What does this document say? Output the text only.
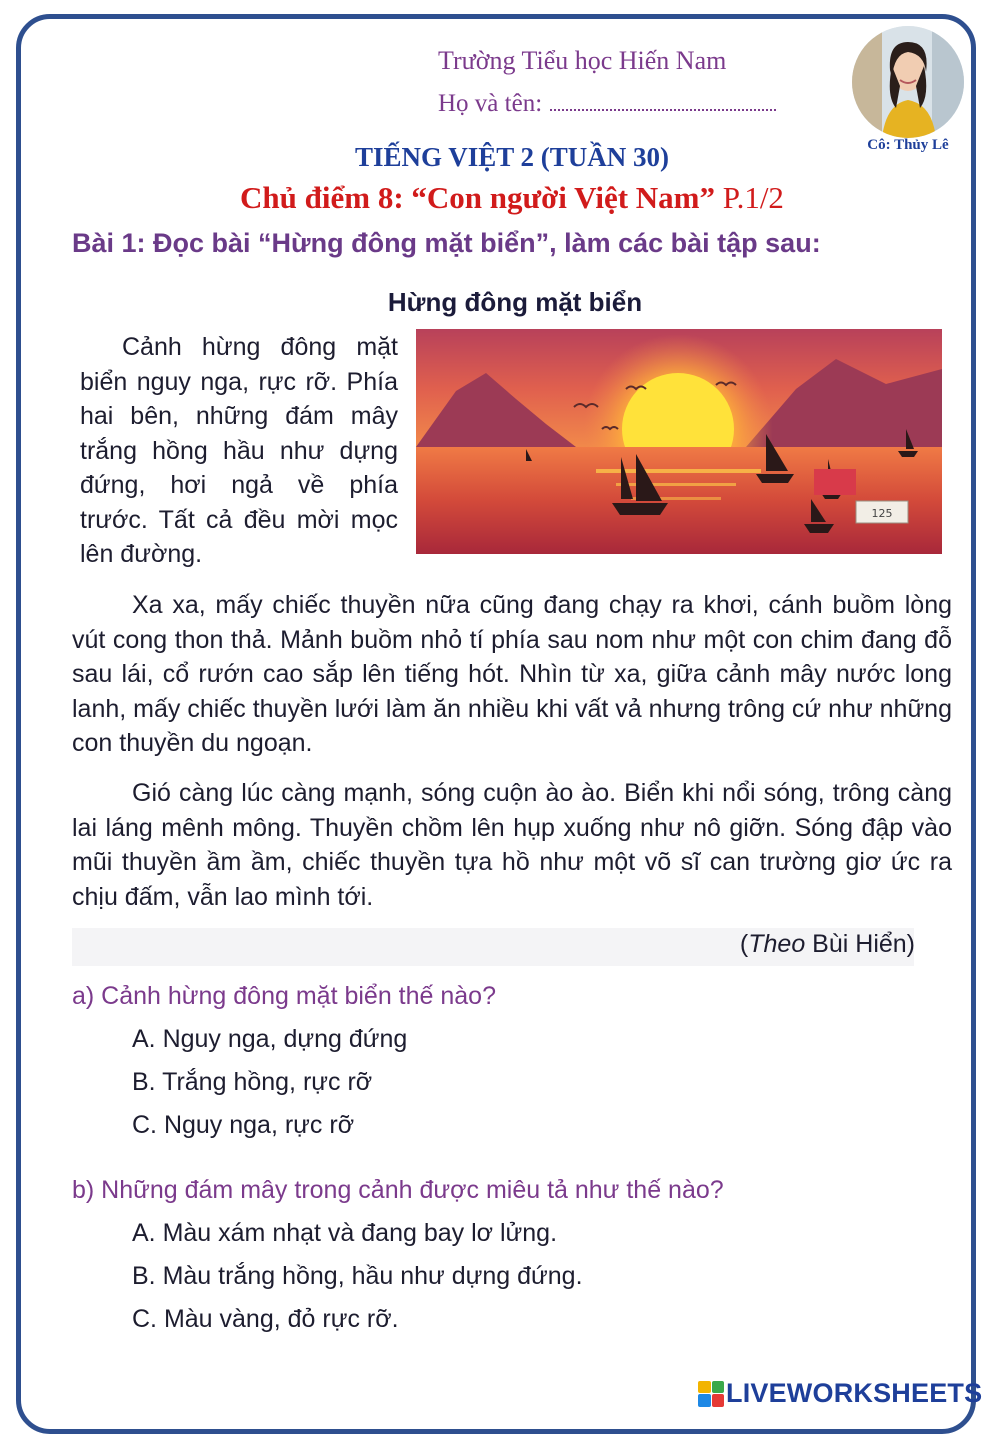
Trường Tiểu học Hiến Nam
Họ và tên:
Cô: Thủy Lê
TIẾNG VIỆT 2 (TUẦN 30)
Chủ điểm 8: “Con người Việt Nam” P.1/2
Bài 1: Đọc bài “Hừng đông mặt biển”, làm các bài tập sau:
Hừng đông mặt biển
Cảnh hừng đông mặt biển nguy nga, rực rỡ. Phía hai bên, những đám mây trắng hồng hầu như dựng đứng, hơi ngả về phía trước. Tất cả đều mời mọc lên đường.
125
Xa xa, mấy chiếc thuyền nữa cũng đang chạy ra khơi, cánh buồm lòng vút cong thon thả. Mảnh buồm nhỏ tí phía sau nom như một con chim đang đỗ sau lái, cổ rướn cao sắp lên tiếng hót. Nhìn từ xa, giữa cảnh mây nước long lanh, mấy chiếc thuyền lưới làm ăn nhiều khi vất vả nhưng trông cứ như những con thuyền du ngoạn.
Gió càng lúc càng mạnh, sóng cuộn ào ào. Biển khi nổi sóng, trông càng lai láng mênh mông. Thuyền chồm lên hụp xuống như nô giỡn. Sóng đập vào mũi thuyền ầm ầm, chiếc thuyền tựa hồ như một võ sĩ can trường giơ ức ra chịu đấm, vẫn lao mình tới.
(Theo Bùi Hiển)
a) Cảnh hừng đông mặt biển thế nào?
A. Nguy nga, dựng đứng
B. Trắng hồng, rực rỡ
C. Nguy nga, rực rỡ
b) Những đám mây trong cảnh được miêu tả như thế nào?
A. Màu xám nhạt và đang bay lơ lửng.
B. Màu trắng hồng, hầu như dựng đứng.
C. Màu vàng, đỏ rực rỡ.
LIVEWORKSHEETS
